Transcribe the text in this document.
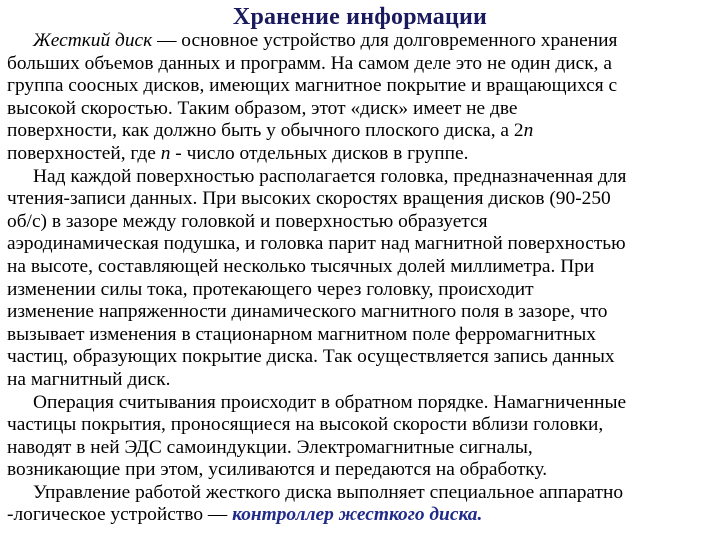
Хранение информации
Жесткий диск — основное устройство для долговременного хранения
больших объемов данных и программ. На самом деле это не один диск, а
группа соосных дисков, имеющих магнитное покрытие и вращающихся с
высокой скоростью. Таким образом, этот «диск» имеет не две
поверхности, как должно быть у обычного плоского диска, а 2n
поверхностей, где n - число отдельных дисков в группе.
Над каждой поверхностью располагается головка, предназначенная для
чтения-записи данных. При высоких скоростях вращения дисков (90-250
об/с) в зазоре между головкой и поверхностью образуется
аэродинамическая подушка, и головка парит над магнитной поверхностью
на высоте, составляющей несколько тысячных долей миллиметра. При
изменении силы тока, протекающего через головку, происходит
изменение напряженности динамического магнитного поля в зазоре, что
вызывает изменения в стационарном магнитном поле ферромагнитных
частиц, образующих покрытие диска. Так осуществляется запись данных
на магнитный диск.
Операция считывания происходит в обратном порядке. Намагниченные
частицы покрытия, проносящиеся на высокой скорости вблизи головки,
наводят в ней ЭДС самоиндукции. Электромагнитные сигналы,
возникающие при этом, усиливаются и передаются на обработку.
Управление работой жесткого диска выполняет специальное аппаратно
-логическое устройство — контроллер жесткого диска.
